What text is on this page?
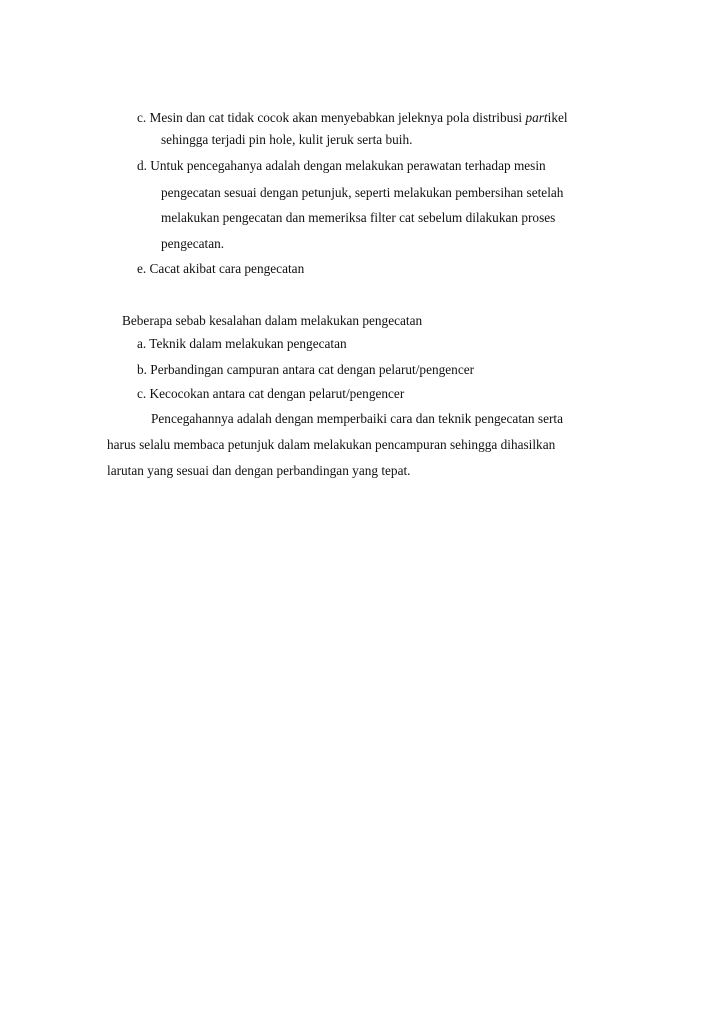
c. Mesin dan cat tidak cocok akan menyebabkan jeleknya pola distribusi partikel
sehingga terjadi pin hole, kulit jeruk serta buih.
d. Untuk pencegahanya adalah dengan melakukan perawatan terhadap mesin
pengecatan sesuai dengan petunjuk, seperti melakukan pembersihan setelah
melakukan pengecatan dan memeriksa filter cat sebelum dilakukan proses
pengecatan.
e. Cacat akibat cara pengecatan
Beberapa sebab kesalahan dalam melakukan pengecatan
a. Teknik dalam melakukan pengecatan
b. Perbandingan campuran antara cat dengan pelarut/pengencer
c. Kecocokan antara cat dengan pelarut/pengencer
Pencegahannya adalah dengan memperbaiki cara dan teknik pengecatan serta
harus selalu membaca petunjuk dalam melakukan pencampuran sehingga dihasilkan
larutan yang sesuai dan dengan perbandingan yang tepat.
